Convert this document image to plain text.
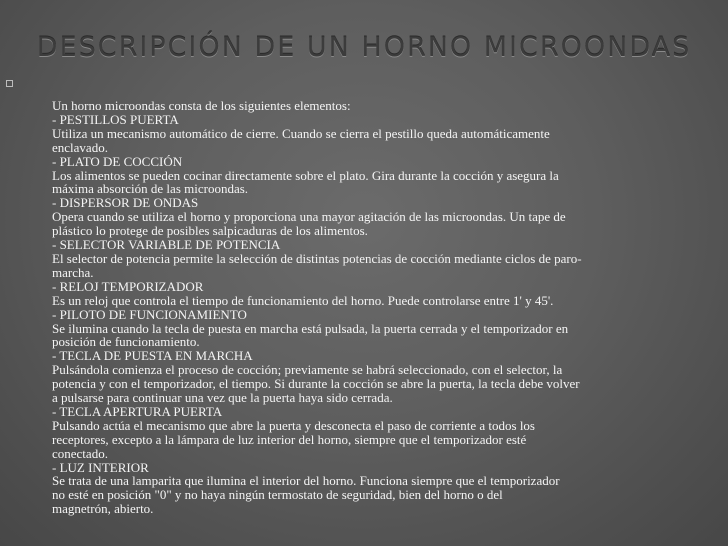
DESCRIPCIÓN DE UN HORNO MICROONDAS
Un horno microondas consta de los siguientes elementos:
- PESTILLOS PUERTA
Utiliza un mecanismo automático de cierre. Cuando se cierra el pestillo queda automáticamente
enclavado.
- PLATO DE COCCIÓN
Los alimentos se pueden cocinar directamente sobre el plato. Gira durante la cocción y asegura la
máxima absorción de las microondas.
- DISPERSOR DE ONDAS
Opera cuando se utiliza el horno y proporciona una mayor agitación de las microondas. Un tape de
plástico lo protege de posibles salpicaduras de los alimentos.
- SELECTOR VARIABLE DE POTENCIA
El selector de potencia permite la selección de distintas potencias de cocción mediante ciclos de paro-
marcha.
- RELOJ TEMPORIZADOR
Es un reloj que controla el tiempo de funcionamiento del horno. Puede controlarse entre 1' y 45'.
- PILOTO DE FUNCIONAMIENTO
Se ilumina cuando la tecla de puesta en marcha está pulsada, la puerta cerrada y el temporizador en
posición de funcionamiento.
- TECLA DE PUESTA EN MARCHA
Pulsándola comienza el proceso de cocción; previamente se habrá seleccionado, con el selector, la
potencia y con el temporizador, el tiempo. Si durante la cocción se abre la puerta, la tecla debe volver
a pulsarse para continuar una vez que la puerta haya sido cerrada.
- TECLA APERTURA PUERTA
Pulsando actúa el mecanismo que abre la puerta y desconecta el paso de corriente a todos los
receptores, excepto a la lámpara de luz interior del horno, siempre que el temporizador esté
conectado.
- LUZ INTERIOR
Se trata de una lamparita que ilumina el interior del horno. Funciona siempre que el temporizador
no esté en posición "0" y no haya ningún termostato de seguridad, bien del horno o del
magnetrón, abierto.
